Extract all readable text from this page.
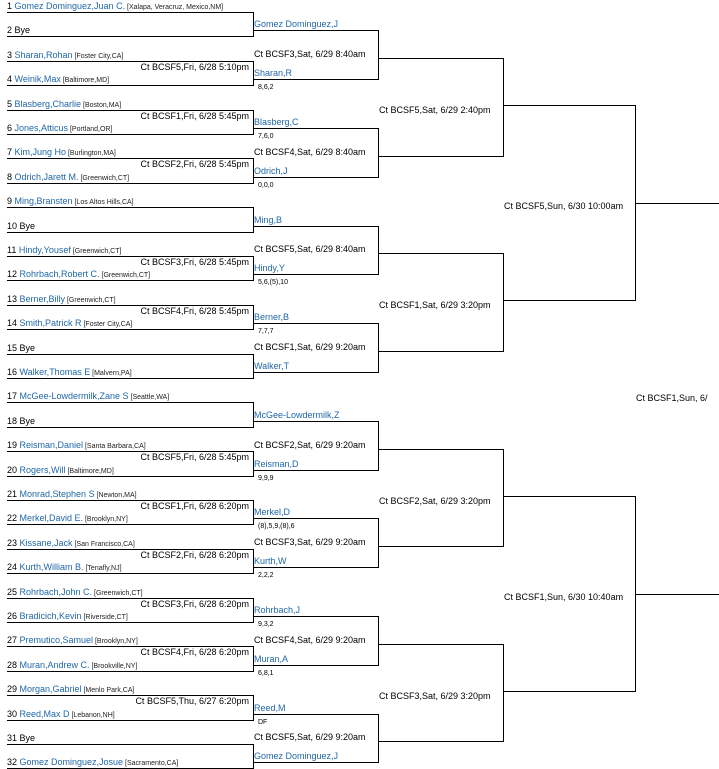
1 Gomez Dominguez,Juan C. [Xalapa, Veracruz, Mexico,NM]
2 Bye
3 Sharan,Rohan [Foster City,CA]
4 Weinik,Max [Baltimore,MD]
5 Blasberg,Charlie [Boston,MA]
6 Jones,Atticus [Portland,OR]
7 Kim,Jung Ho [Burlington,MA]
8 Odrich,Jarett M. [Greenwich,CT]
9 Ming,Bransten [Los Altos Hills,CA]
10 Bye
11 Hindy,Yousef [Greenwich,CT]
12 Rohrbach,Robert C. [Greenwich,CT]
13 Berner,Billy [Greenwich,CT]
14 Smith,Patrick R [Foster City,CA]
15 Bye
16 Walker,Thomas E [Malvern,PA]
17 McGee-Lowdermilk,Zane S [Seattle,WA]
18 Bye
19 Reisman,Daniel [Santa Barbara,CA]
20 Rogers,Will [Baltimore,MD]
21 Monrad,Stephen S [Newton,MA]
22 Merkel,David E. [Brooklyn,NY]
23 Kissane,Jack [San Francisco,CA]
24 Kurth,William B. [Tenafly,NJ]
25 Rohrbach,John C. [Greenwich,CT]
26 Bradicich,Kevin [Riverside,CT]
27 Premutico,Samuel [Brooklyn,NY]
28 Muran,Andrew C. [Brookville,NY]
29 Morgan,Gabriel [Menlo Park,CA]
30 Reed,Max D [Lebanon,NH]
31 Bye
32 Gomez Dominguez,Josue [Sacramento,CA]
Ct BCSF5,Fri, 6/28 5:10pm
Ct BCSF1,Fri, 6/28 5:45pm
Ct BCSF2,Fri, 6/28 5:45pm
Ct BCSF3,Fri, 6/28 5:45pm
Ct BCSF4,Fri, 6/28 5:45pm
Ct BCSF5,Fri, 6/28 5:45pm
Ct BCSF1,Fri, 6/28 6:20pm
Ct BCSF2,Fri, 6/28 6:20pm
Ct BCSF3,Fri, 6/28 6:20pm
Ct BCSF4,Fri, 6/28 6:20pm
Ct BCSF5,Thu, 6/27 6:20pm
Gomez Dominguez,J
Sharan,R
8,6,2
Blasberg,C
7,6,0
Odrich,J
0,0,0
Ming,B
Hindy,Y
5,6,(5),10
Berner,B
7,7,7
Walker,T
McGee-Lowdermilk,Z
Reisman,D
9,9,9
Merkel,D
(8),5,9,(8),6
Kurth,W
2,2,2
Rohrbach,J
9,3,2
Muran,A
6,8,1
Reed,M
DF
Gomez Dominguez,J
Ct BCSF3,Sat, 6/29 8:40am
Ct BCSF4,Sat, 6/29 8:40am
Ct BCSF5,Sat, 6/29 8:40am
Ct BCSF1,Sat, 6/29 9:20am
Ct BCSF2,Sat, 6/29 9:20am
Ct BCSF3,Sat, 6/29 9:20am
Ct BCSF4,Sat, 6/29 9:20am
Ct BCSF5,Sat, 6/29 9:20am
Ct BCSF5,Sat, 6/29 2:40pm
Ct BCSF1,Sat, 6/29 3:20pm
Ct BCSF2,Sat, 6/29 3:20pm
Ct BCSF3,Sat, 6/29 3:20pm
Ct BCSF5,Sun, 6/30 10:00am
Ct BCSF1,Sun, 6/30 10:40am
Ct BCSF1,Sun, 6/
